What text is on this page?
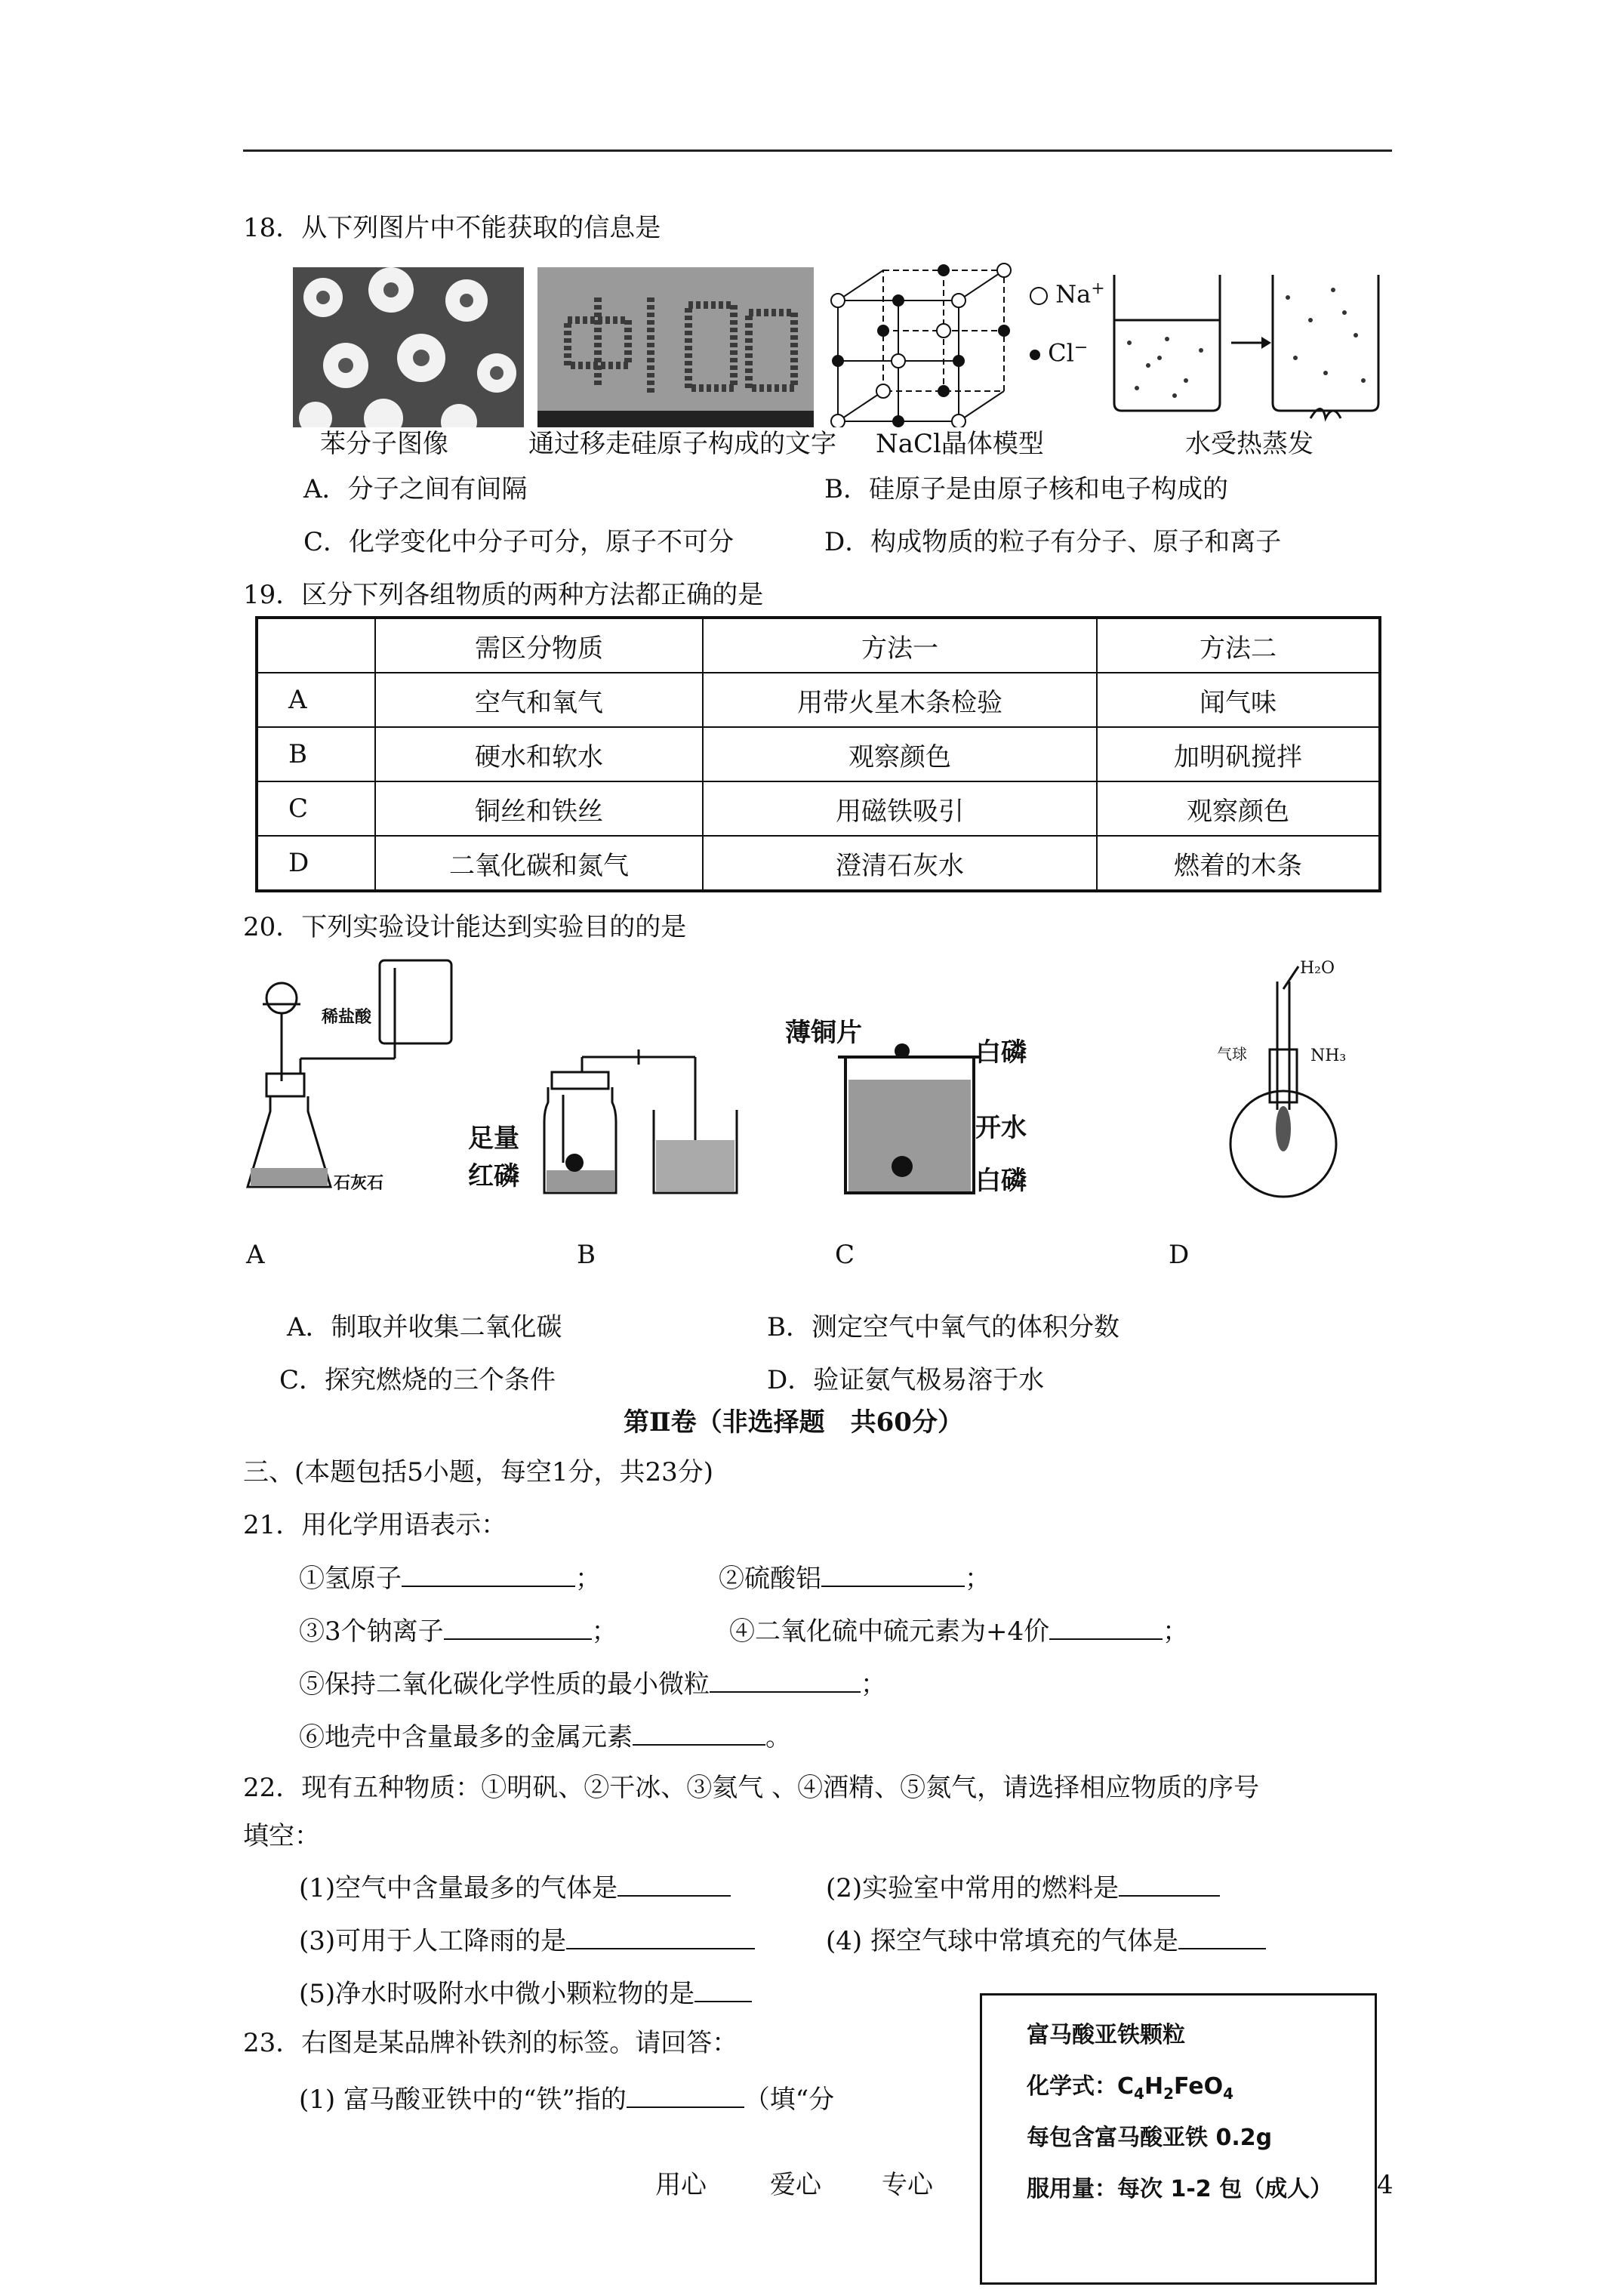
18．从下列图片中不能获取的信息是
Na+
Cl−
苯分子图像	通过移走硅原子构成的文字 NaCl晶体模型	水受热蒸发
A．分子之间有间隔	B．硅原子是由原子核和电子构成的
C．化学变化中分子可分，原子不可分	D．构成物质的粒子有分子、原子和离子
19．区分下列各组物质的两种方法都正确的是
	需区分物质	方法一	方法二
A	空气和氧气	用带火星木条检验	闻气味
B	硬水和软水	观察颜色	加明矾搅拌
C	铜丝和铁丝	用磁铁吸引	观察颜色
D	二氧化碳和氮气	澄清石灰水	燃着的木条
20．下列实验设计能达到实验目的的是
稀盐酸
石灰石
足量
红磷
薄铜片
白磷
开水
白磷
H₂O
气球	NH₃
A	B	C	D
A．制取并收集二氧化碳	B．测定空气中氧气的体积分数
C．探究燃烧的三个条件	D．验证氨气极易溶于水
第Ⅱ卷（非选择题　共60分）
三、(本题包括5小题，每空1分，共23分)
21．用化学用语表示：
①氢原子	；	②硫酸铝	；
③3个钠离子	；	④二氧化硫中硫元素为+4价	；
⑤保持二氧化碳化学性质的最小微粒	；
⑥地壳中含量最多的金属元素	。
22．现有五种物质：①明矾、②干冰、③氦气 、④酒精、⑤氮气，请选择相应物质的序号
填空：
(1)空气中含量最多的气体是	(2)实验室中常用的燃料是
(3)可用于人工降雨的是	(4) 探空气球中常填充的气体是
(5)净水时吸附水中微小颗粒物的是
23．右图是某品牌补铁剂的标签。请回答：
(1) 富马酸亚铁中的“铁”指的	（填“分
富马酸亚铁颗粒
化学式：$C_4H_2FeO_4$
每包含富马酸亚铁 0.2g
服用量：每次 1-2 包（成人）
用心 爱心 专心	4
